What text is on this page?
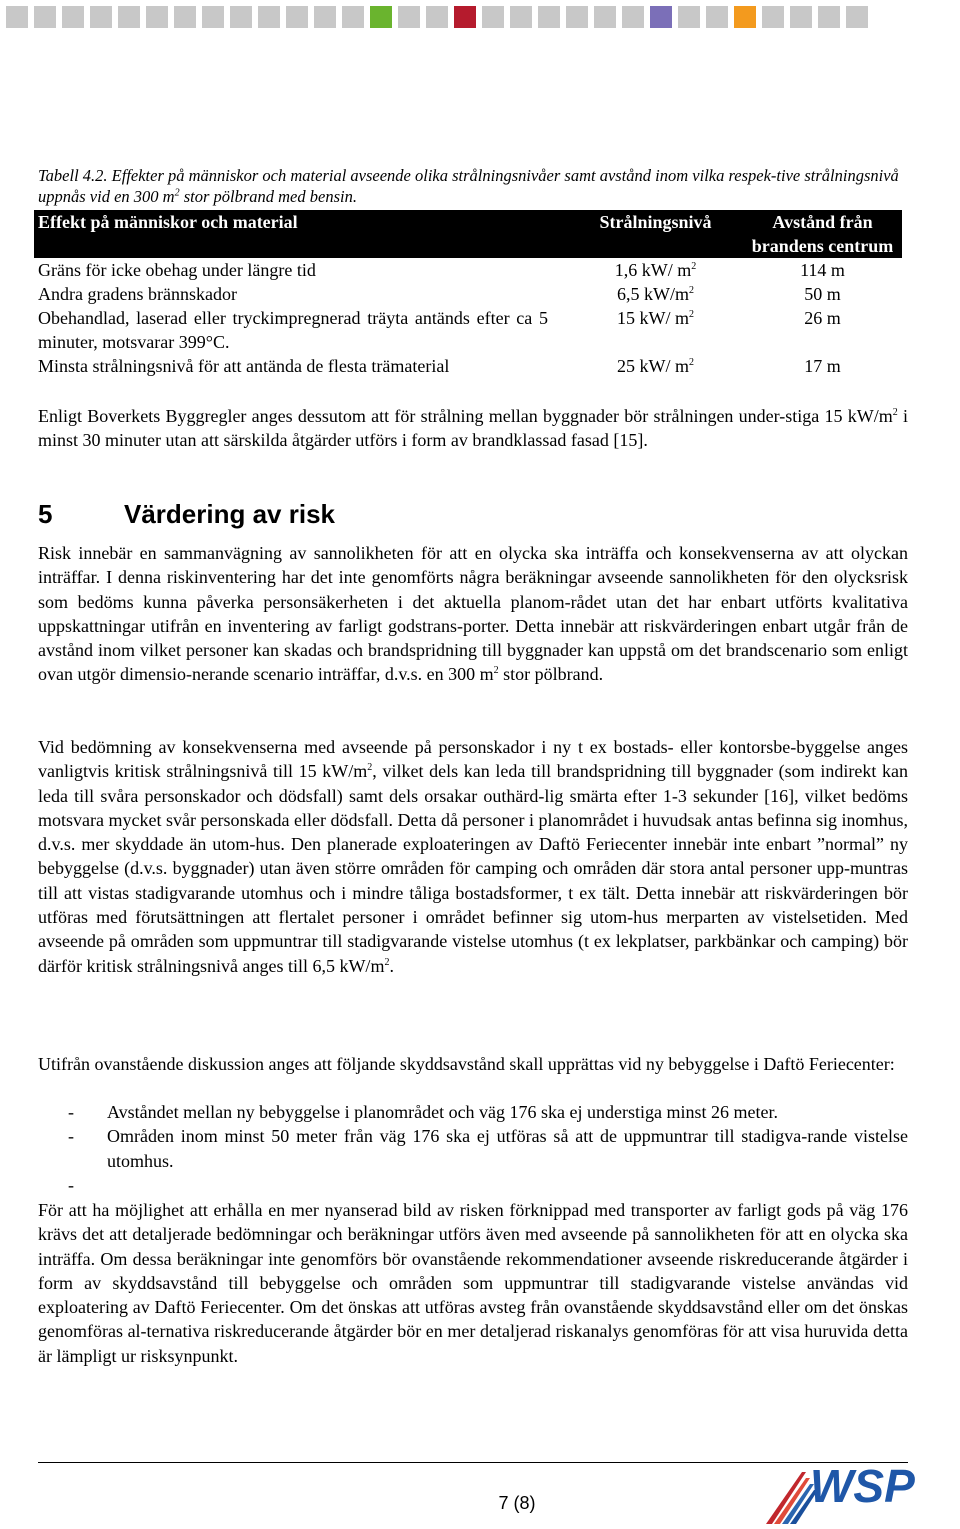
Tabell 4.2. Effekter på människor och material avseende olika strålningsnivåer samt avstånd inom vilka respek-tive strålningsnivå uppnås vid en 300 $m^2$ stor pölbrand med bensin.

Effekt på människor och material	Strålningsnivå	Avstånd från brandens centrum
Gräns för icke obehag under längre tid	1,6 kW/ $m^2$	114 m
Andra gradens brännskador	6,5 $kW/m^2$	50 m
Obehandlad, laserad eller tryckimpregnerad träyta antänds efter ca 5 minuter, motsvarar 399°C.	15 kW/ $m^2$	26 m
Minsta strålningsnivå för att antända de flesta trämaterial	25 kW/ $m^2$	17 m

Enligt Boverkets Byggregler anges dessutom att för strålning mellan byggnader bör strålningen under-stiga 15 $kW/m^2$ i minst 30 minuter utan att särskilda åtgärder utförs i form av brandklassad fasad [15].

5	Värdering av risk

Risk innebär en sammanvägning av sannolikheten för att en olycka ska inträffa och konsekvenserna av att olyckan inträffar. I denna riskinventering har det inte genomförts några beräkningar avseende sannolikheten för den olycksrisk som bedöms kunna påverka personsäkerheten i det aktuella planom-rådet utan det har enbart utförts kvalitativa uppskattningar utifrån en inventering av farligt godstrans-porter. Detta innebär att riskvärderingen enbart utgår från de avstånd inom vilket personer kan skadas och brandspridning till byggnader kan uppstå om det brandscenario som enligt ovan utgör dimensio-nerande scenario inträffar, d.v.s. en 300 $m^2$ stor pölbrand.

Vid bedömning av konsekvenserna med avseende på personskador i ny t ex bostads- eller kontorsbe-byggelse anges vanligtvis kritisk strålningsnivå till 15 $kW/m^2$, vilket dels kan leda till brandspridning till byggnader (som indirekt kan leda till svåra personskador och dödsfall) samt dels orsakar outhärd-lig smärta efter 1-3 sekunder [16], vilket bedöms motsvara mycket svår personskada eller dödsfall. Detta då personer i planområdet i huvudsak antas befinna sig inomhus, d.v.s. mer skyddade än utom-hus. Den planerade exploateringen av Daftö Feriecenter innebär inte enbart ”normal” ny bebyggelse (d.v.s. byggnader) utan även större områden för camping och områden där stora antal personer upp-muntras till att vistas stadigvarande utomhus och i mindre tåliga bostadsformer, t ex tält. Detta innebär att riskvärderingen bör utföras med förutsättningen att flertalet personer i området befinner sig utom-hus merparten av vistelsetiden. Med avseende på områden som uppmuntrar till stadigvarande vistelse utomhus (t ex lekplatser, parkbänkar och camping) bör därför kritisk strålningsnivå anges till 6,5 $kW/m^2$.

Utifrån ovanstående diskussion anges att följande skyddsavstånd skall upprättas vid ny bebyggelse i Daftö Feriecenter:

-	Avståndet mellan ny bebyggelse i planområdet och väg 176 ska ej understiga minst 26 meter.
-	Områden inom minst 50 meter från väg 176 ska ej utföras så att de uppmuntrar till stadigva-rande vistelse utomhus.
-

För att ha möjlighet att erhålla en mer nyanserad bild av risken förknippad med transporter av farligt gods på väg 176 krävs det att detaljerade bedömningar och beräkningar utförs även med avseende på sannolikheten för att en olycka ska inträffa. Om dessa beräkningar inte genomförs bör ovanstående rekommendationer avseende riskreducerande åtgärder i form av skyddsavstånd till bebyggelse och områden som uppmuntrar till stadigvarande vistelse användas vid exploatering av Daftö Feriecenter. Om det önskas att utföras avsteg från ovanstående skyddsavstånd eller om det önskas genomföras al-ternativa riskreducerande åtgärder bör en mer detaljerad riskanalys genomföras för att visa huruvida detta är lämpligt ur risksynpunkt.

7 (8)	WSP
